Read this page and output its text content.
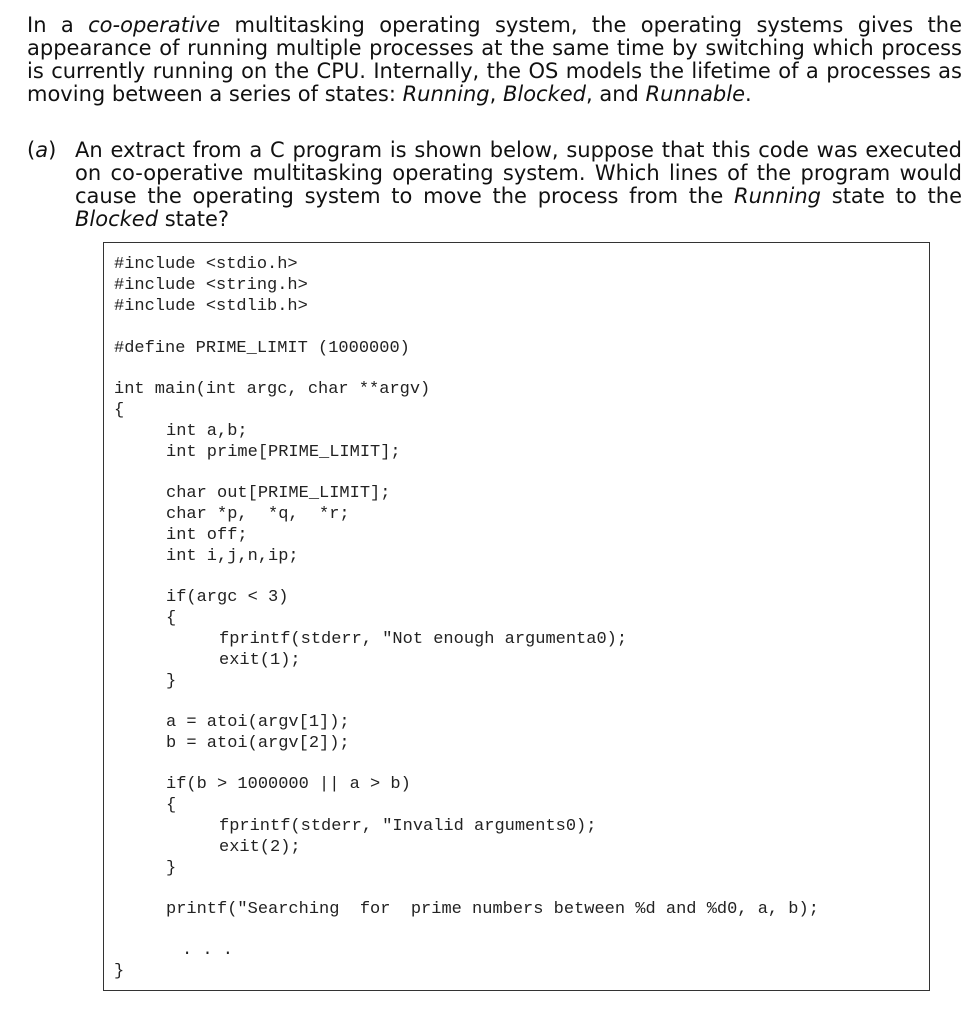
In a co-operative multitasking operating system, the operating systems gives the appearance of running multiple processes at the same time by switching which process is currently running on the CPU. Internally, the OS models the lifetime of a processes as moving between a series of states: Running, Blocked, and Runnable.

(a) An extract from a C program is shown below, suppose that this code was executed on co-operative multitasking operating system. Which lines of the program would cause the operating system to move the process from the Running state to the Blocked state?
#include <stdio.h>
#include <string.h>
#include <stdlib.h>
#define PRIME_LIMIT (1000000)
int main(int argc, char **argv)
{
int a,b;
int prime[PRIME_LIMIT];
char out[PRIME_LIMIT];
char *p,  *q,  *r;
int off;
int i,j,n,ip;
if(argc < 3)
{
fprintf(stderr, "Not enough argumenta0);
exit(1);
}
a = atoi(argv[1]);
b = atoi(argv[2]);
if(b > 1000000 || a > b)
{
fprintf(stderr, "Invalid arguments0);
exit(2);
}
printf("Searching  for  prime numbers between %d and %d0, a, b);
. . .
}
